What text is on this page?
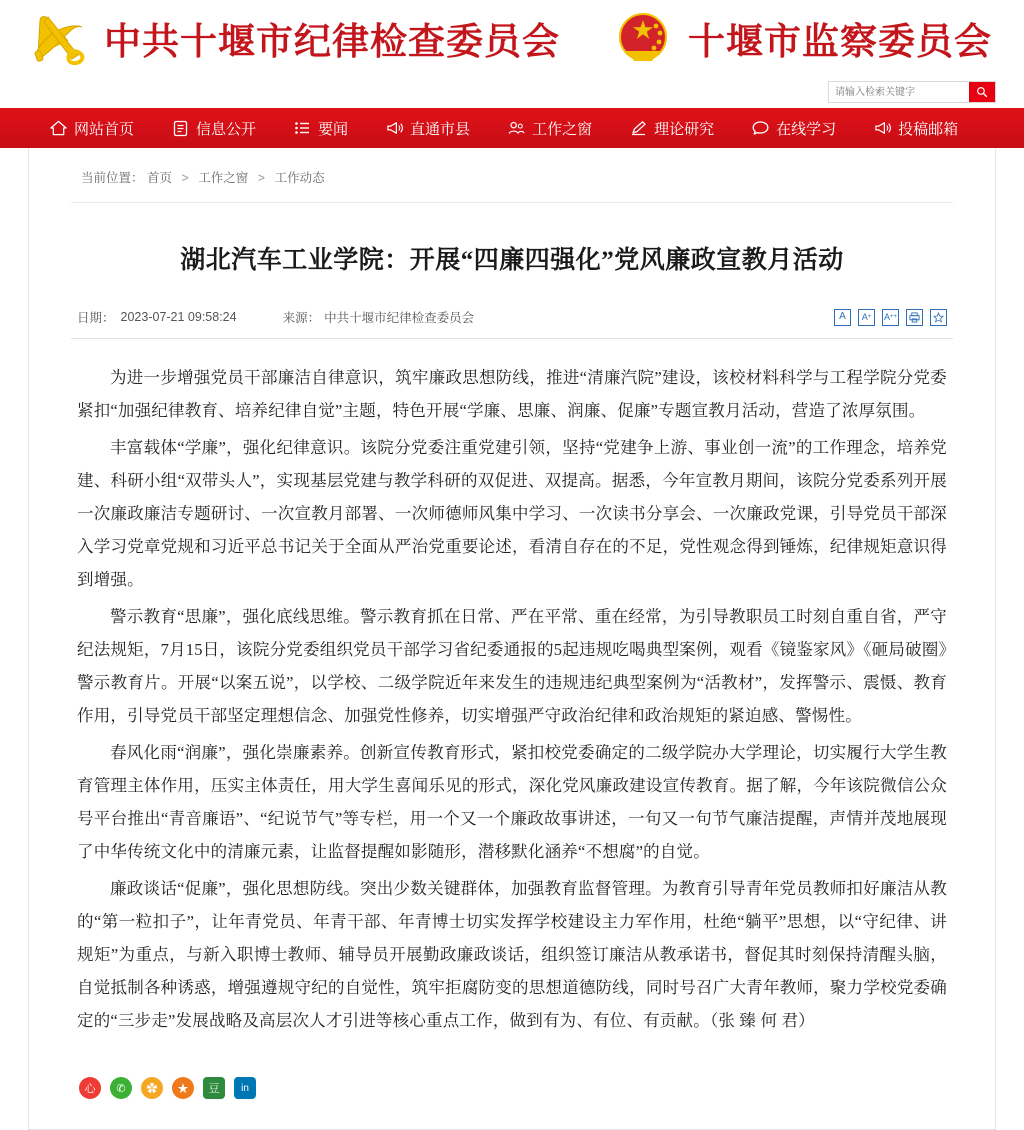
中共十堰市纪律检查委员会	十堰市监察委员会
请输入检索关键字
网站首页	信息公开	要闻	直通市县	工作之窗	理论研究	在线学习	投稿邮箱
当前位置： 首页 > 工作之窗 > 工作动态
湖北汽车工业学院：开展“四廉四强化”党风廉政宣教月活动
日期： 2023-07-21 09:58:24	来源： 中共十堰市纪律检查委员会	A	A + A ++

为进一步增强党员干部廉洁自律意识，筑牢廉政思想防线，推进“清廉汽院”建设，该校材料科学与工程学院分党委紧扣“加强纪律教育、培养纪律自觉”主题，特色开展“学廉、思廉、润廉、促廉”专题宣教月活动，营造了浓厚氛围。

丰富载体“学廉”，强化纪律意识。该院分党委注重党建引领，坚持“党建争上游、事业创一流”的工作理念，培养党建、科研小组“双带头人”，实现基层党建与教学科研的双促进、双提高。据悉，今年宣教月期间，该院分党委系列开展一次廉政廉洁专题研讨、一次宣教月部署、一次师德师风集中学习、一次读书分享会、一次廉政党课，引导党员干部深入学习党章党规和习近平总书记关于全面从严治党重要论述，看清自存在的不足，党性观念得到锤炼，纪律规矩意识得到增强。

警示教育“思廉”，强化底线思维。警示教育抓在日常、严在平常、重在经常，为引导教职员工时刻自重自省，严守纪法规矩，7月15日，该院分党委组织党员干部学习省纪委通报的5起违规吃喝典型案例，观看《镜鉴家风》《砸局破圈》警示教育片。开展“以案五说”，以学校、二级学院近年来发生的违规违纪典型案例为“活教材”，发挥警示、震慑、教育作用，引导党员干部坚定理想信念、加强党性修养，切实增强严守政治纪律和政治规矩的紧迫感、警惕性。

春风化雨“润廉”，强化崇廉素养。创新宣传教育形式，紧扣校党委确定的二级学院办大学理论，切实履行大学生教育管理主体作用，压实主体责任，用大学生喜闻乐见的形式，深化党风廉政建设宣传教育。据了解，今年该院微信公众号平台推出“青音廉语”、“纪说节气”等专栏，用一个又一个廉政故事讲述，一句又一句节气廉洁提醒，声情并茂地展现了中华传统文化中的清廉元素，让监督提醒如影随形，潜移默化涵养“不想腐”的自觉。

廉政谈话“促廉”，强化思想防线。突出少数关键群体，加强教育监督管理。为教育引导青年党员教师扣好廉洁从教的“第一粒扣子”，让年青党员、年青干部、年青博士切实发挥学校建设主力军作用，杜绝“躺平”思想，以“守纪律、讲规矩”为重点，与新入职博士教师、辅导员开展勤政廉政谈话，组织签订廉洁从教承诺书，督促其时刻保持清醒头脑，自觉抵制各种诱惑，增强遵规守纪的自觉性，筑牢拒腐防变的思想道德防线，同时号召广大青年教师，聚力学校党委确定的“三步走”发展战略及高层次人才引进等核心重点工作，做到有为、有位、有贡献。（张 臻 何 君）

心	✆	✿	★	豆	in
